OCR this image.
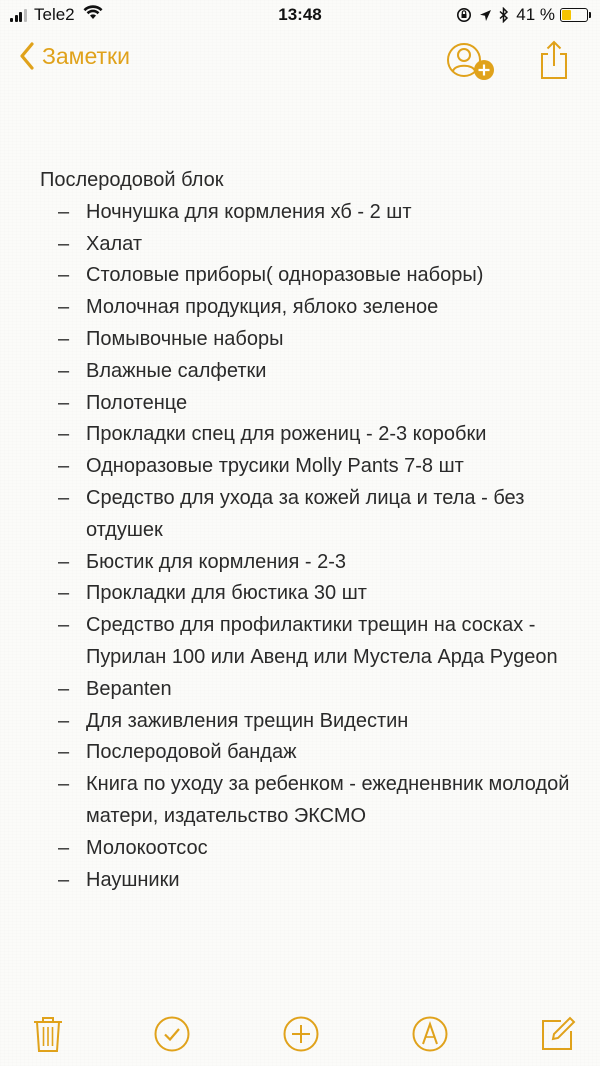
Tele2	13:48	41 %
Заметки
Послеродовой блок
– Ночнушка для кормления хб - 2 шт
– Халат
– Столовые приборы( одноразовые наборы)
– Молочная продукция, яблоко зеленое
– Помывочные наборы
– Влажные салфетки
– Полотенце
– Прокладки спец для рожениц - 2-3 коробки
– Одноразовые трусики Molly Pants 7-8 шт
– Средство для ухода за кожей лица и тела - без отдушек
– Бюстик для кормления - 2-3
– Прокладки для бюстика 30 шт
– Средство для профилактики трещин на сосках - Пурилан 100 или Авенд или Мустела Арда Pygeon
– Bepanten
– Для заживления трещин Видестин
– Послеродовой бандаж
– Книга по уходу за ребенком - ежедненвник молодой матери, издательство ЭКСМО
– Молокоотсос
– Наушники
